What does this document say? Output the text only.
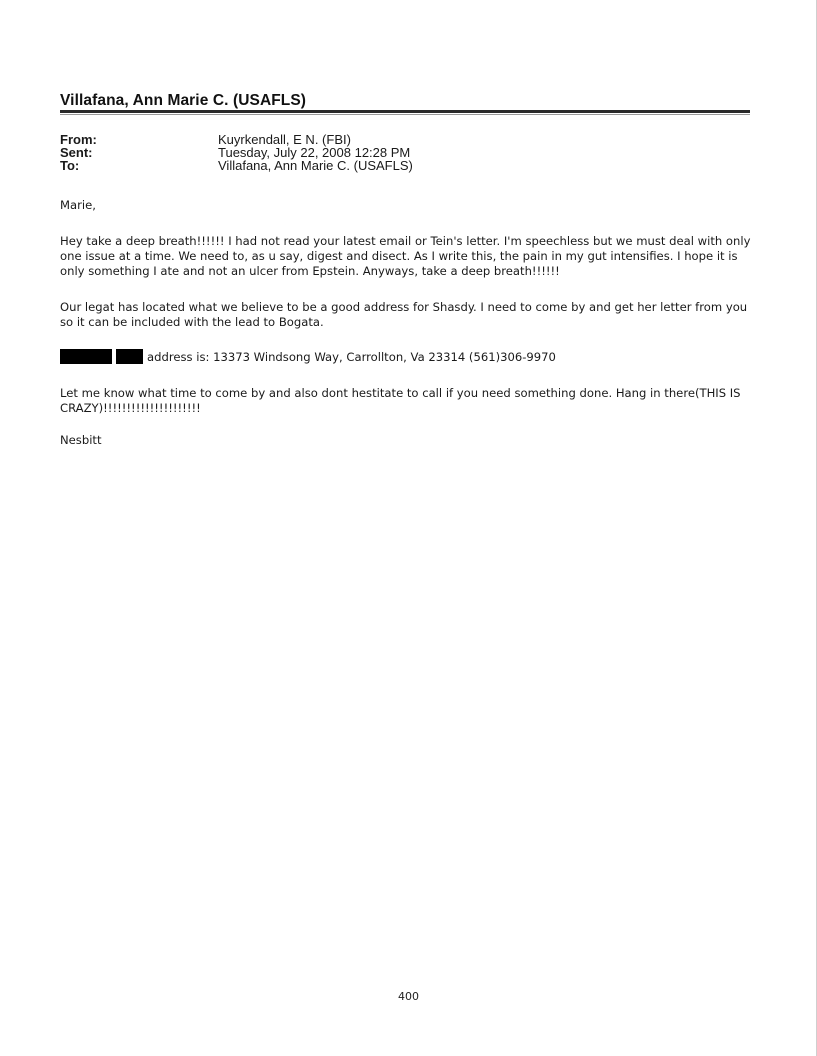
Villafana, Ann Marie C. (USAFLS)
From:	Kuyrkendall, E N. (FBI)
Sent:	Tuesday, July 22, 2008 12:28 PM
To:	Villafana, Ann Marie C. (USAFLS)
Marie,
Hey take a deep breath!!!!!! I had not read your latest email or Tein's letter. I'm speechless but we must deal with only one issue at a time. We need to, as u say, digest and disect. As I write this, the pain in my gut intensifies. I hope it is only something I ate and not an ulcer from Epstein. Anyways, take a deep breath!!!!!!
Our legat has located what we believe to be a good address for Shasdy. I need to come by and get her letter from you so it can be included with the lead to Bogata.
address is: 13373 Windsong Way, Carrollton, Va 23314 (561)306-9970
Let me know what time to come by and also dont hestitate to call if you need something done. Hang in there(THIS IS CRAZY)!!!!!!!!!!!!!!!!!!!!!
Nesbitt
400
